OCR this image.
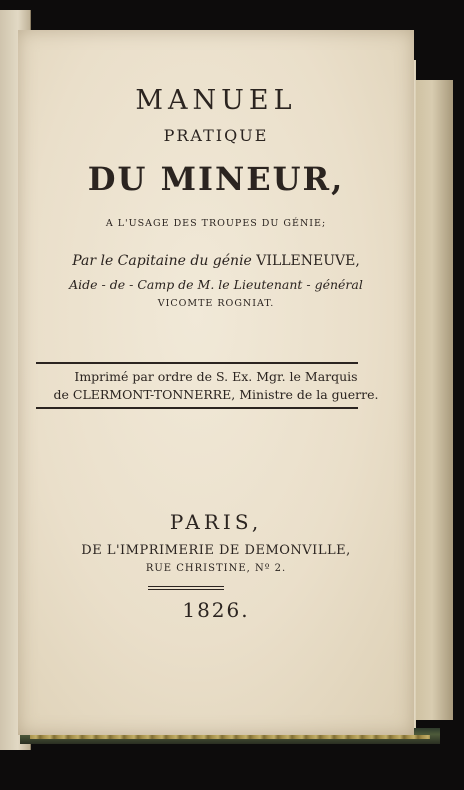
MANUEL
PRATIQUE
DU MINEUR,
A L'USAGE DES TROUPES DU GÉNIE;
Par le Capitaine du génie VILLENEUVE,
Aide - de - Camp de M. le Lieutenant - général
VICOMTE ROGNIAT.
Imprimé par ordre de S. Ex. Mgr. le Marquis
de CLERMONT-TONNERRE, Ministre de la guerre.
PARIS,
DE L'IMPRIMERIE DE DEMONVILLE,
RUE CHRISTINE, Nº 2.
1826.
